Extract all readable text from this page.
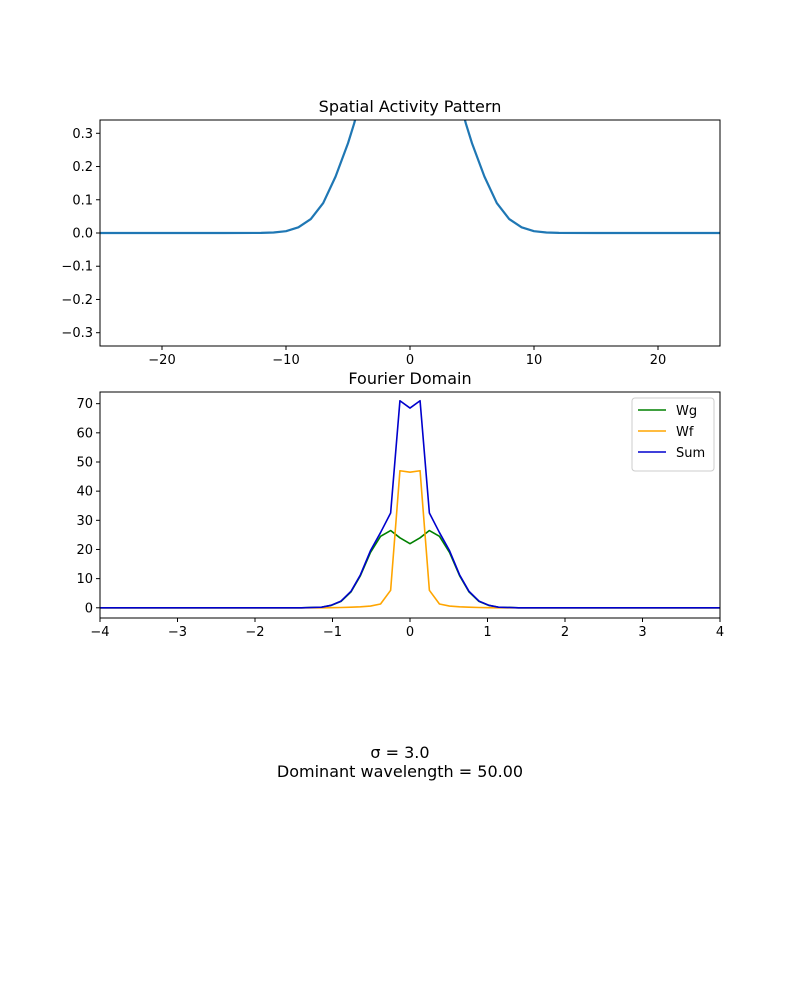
Spatial Activity Pattern
−20	−10	0	10	20
−0.3
−0.2
−0.1
0.0
0.1
0.2
0.3
Fourier Domain
−4	−3	−2	−1	0	1	2	3	4
0
10
20
30
40
50
60
70	Wg
Wf
Sum
σ = 3.0
Dominant wavelength = 50.00
